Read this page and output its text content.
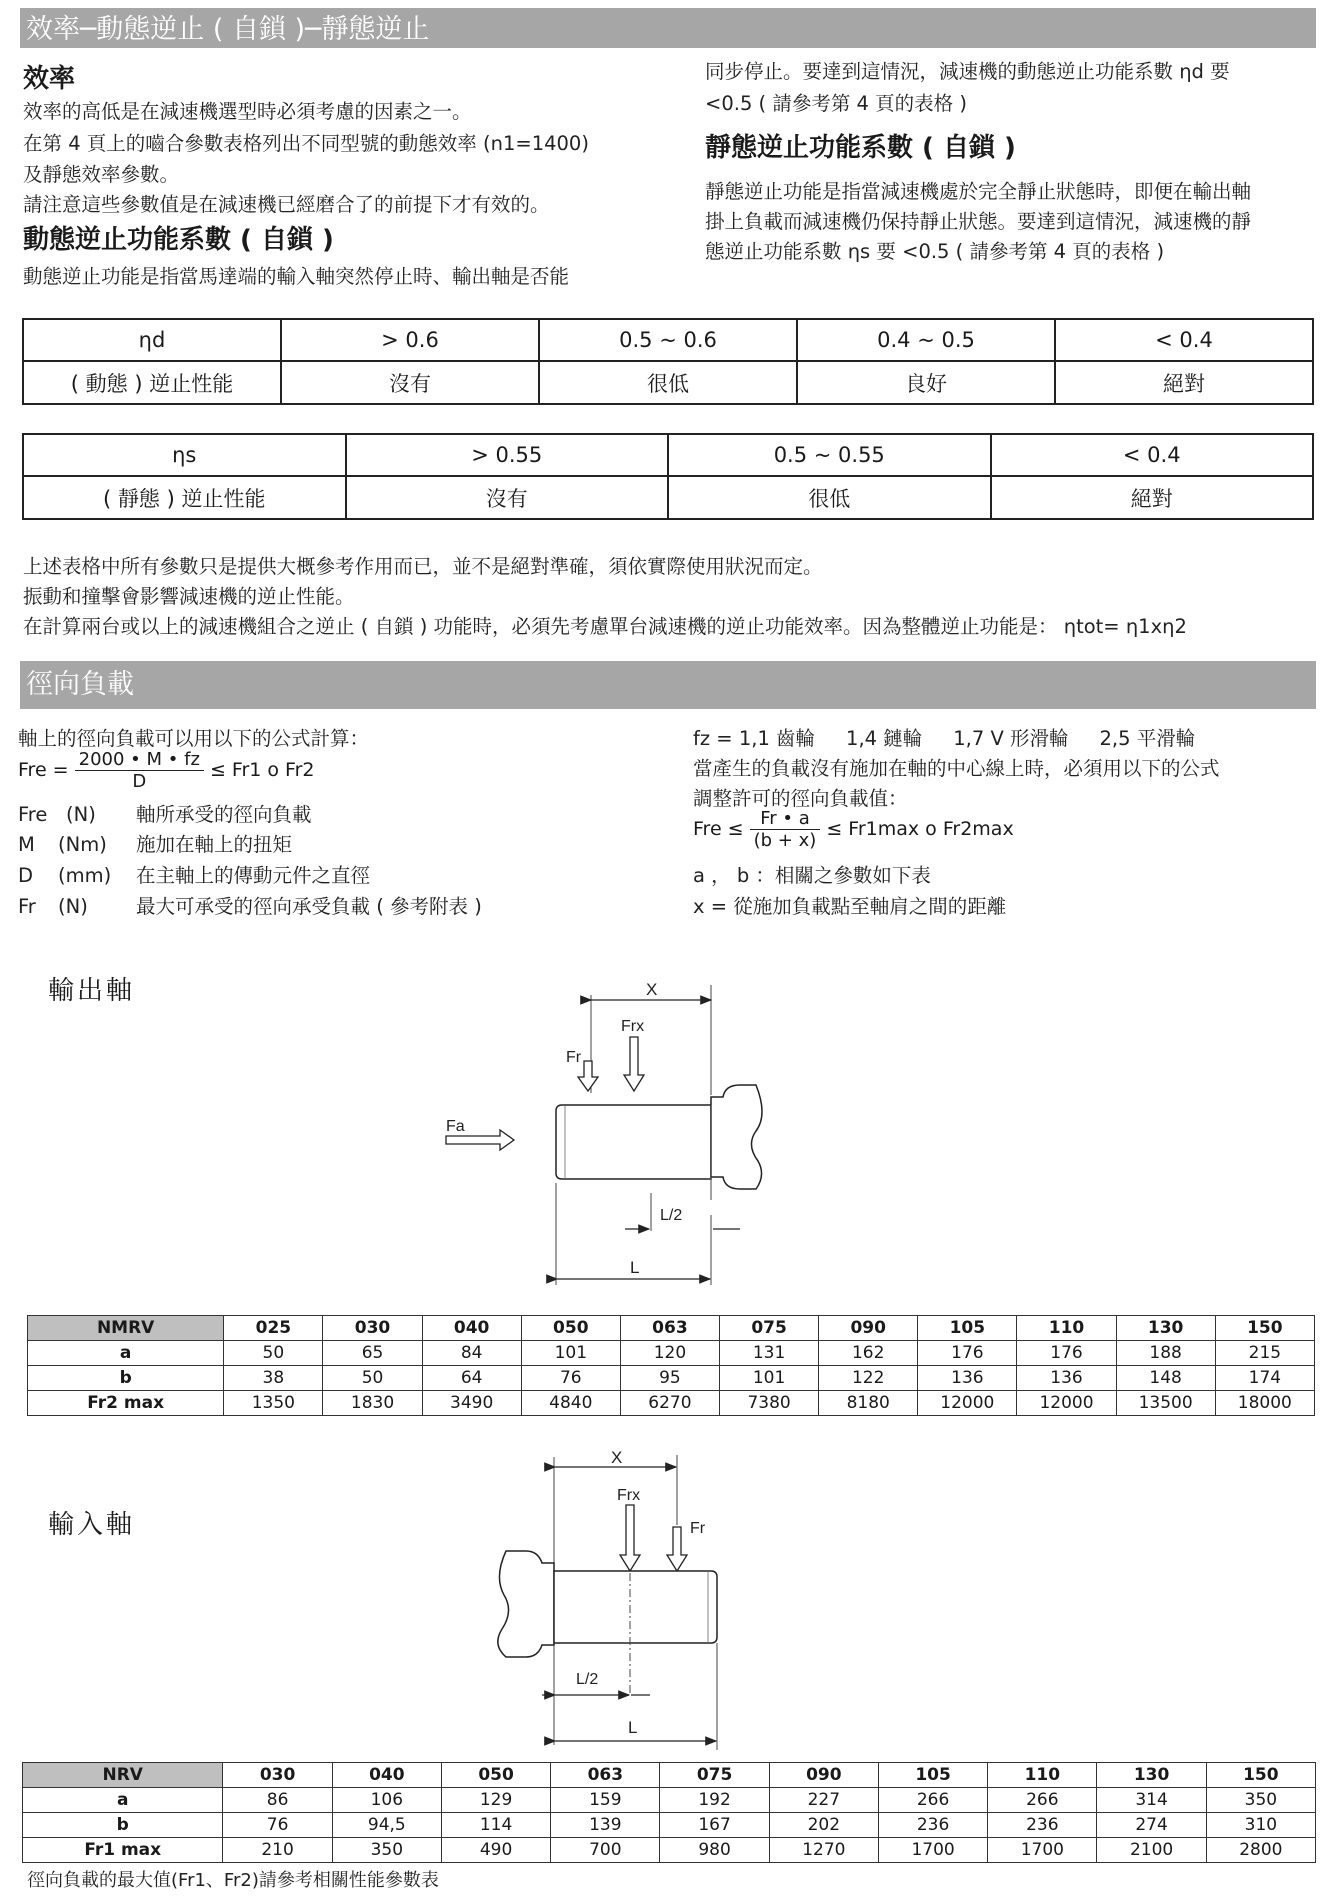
效率─動態逆止 ( 自鎖 )─靜態逆止
效率
效率的高低是在減速機選型時必須考慮的因素之一。
在第 4 頁上的嚙合參數表格列出不同型號的動態效率 (n1=1400)
及靜態效率參數。
請注意這些參數值是在減速機已經磨合了的前提下才有效的。
動態逆止功能系數 ( 自鎖 )
動態逆止功能是指當馬達端的輸入軸突然停止時、輸出軸是否能
同步停止。要達到這情況，減速機的動態逆止功能系數 ηd 要
<0.5 ( 請參考第 4 頁的表格 )
靜態逆止功能系數 ( 自鎖 )
靜態逆止功能是指當減速機處於完全靜止狀態時，即便在輸出軸
掛上負載而減速機仍保持靜止狀態。要達到這情況，減速機的靜
態逆止功能系數 ηs 要 <0.5 ( 請參考第 4 頁的表格 )
ηd	> 0.6	0.5 ~ 0.6	0.4 ~ 0.5	< 0.4
( 動態 ) 逆止性能	沒有	很低	良好	絕對
ηs	> 0.55	0.5 ~ 0.55	< 0.4
( 靜態 ) 逆止性能	沒有	很低	絕對
上述表格中所有參數只是提供大概參考作用而已，並不是絕對準確，須依實際使用狀況而定。
振動和撞擊會影響減速機的逆止性能。
在計算兩台或以上的減速機組合之逆止 ( 自鎖 ) 功能時，必須先考慮單台減速機的逆止功能效率。因為整體逆止功能是： ηtot= η1xη2
徑向負載
軸上的徑向負載可以用以下的公式計算：
Fre = $\frac{2000 • M • fz}{D} \le Fr1$ o Fr2
Fre (N) 軸所承受的徑向負載
M (Nm) 施加在軸上的扭矩
D (mm) 在主軸上的傳動元件之直徑
Fr (N) 最大可承受的徑向承受負載 ( 參考附表 )
fz = 1,1 齒輪     1,4 鏈輪     1,7 V 形滑輪     2,5 平滑輪
當產生的負載沒有施加在軸的中心線上時，必須用以下的公式
調整許可的徑向負載值：
Fre ≤ $\frac{Fr • a}{(b + x)} \le Fr1\max$ o Fr2max
a ， b ：相關之參數如下表
x = 從施加負載點至軸肩之間的距離
輸出軸	X
Frx
Fr
Fa
L/2
L
NMRV	025	030	040	050	063	075	090	105	110	130	150
a	50	65	84	101	120	131	162	176	176	188	215
b	38	50	64	76	95	101	122	136	136	148	174
Fr2 max	1350	1830	3490	4840	6270	7380	8180	12000	12000	13500	18000
輸入軸
X
Frx
Fr
L/2
L
NRV	030	040	050	063	075	090	105	110	130	150
a	86	106	129	159	192	227	266	266	314	350
b	76	94,5	114	139	167	202	236	236	274	310
Fr1 max	210	350	490	700	980	1270	1700	1700	2100	2800
徑向負載的最大值(Fr1、Fr2)請參考相關性能參數表
